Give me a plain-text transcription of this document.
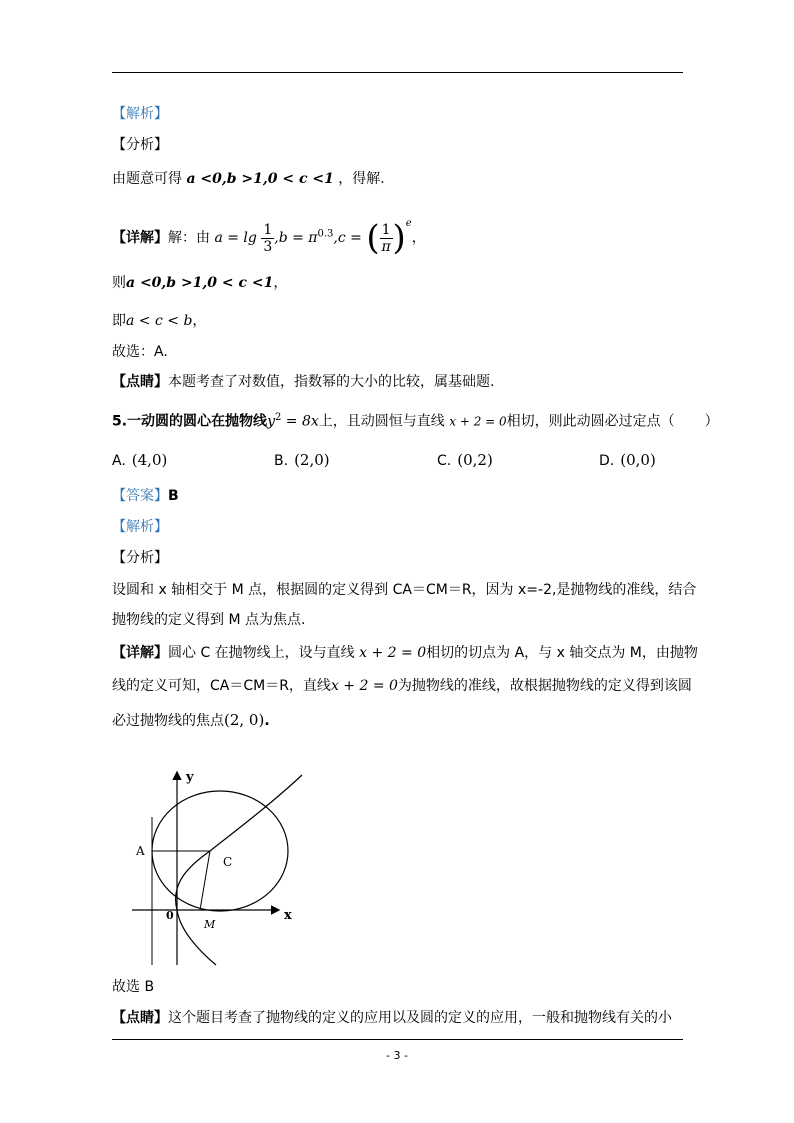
【解析】
【分析】
由题意可得 a <0,b >1,0 < c <1 ，得解.
【详解】解：由 $a = \lg \frac{1}{3} ,b = \pi^{0.3},c$ = ( $\frac{1}{\pi} )^e$，
则a <0,b >1,0 < c <1，
即a < c < b，
故选：A.
【点睛】本题考查了对数值，指数幂的大小的比较，属基础题.
5.一动圆的圆心在抛物线$y^2 = 8x$上，且动圆恒与直线 x + 2 = 0相切，则此动圆必过定点（ ）
A. (4,0)	B. (2,0)	C. (0,2)	D. (0,0)
【答案】B
【解析】
【分析】
设圆和 x 轴相交于 M 点，根据圆的定义得到 CA＝CM＝R，因为 x=-2,是抛物线的准线，结合
抛物线的定义得到 M 点为焦点.
【详解】圆心 C 在抛物线上，设与直线 x + 2 = 0相切的切点为 A，与 x 轴交点为 M，由抛物
线的定义可知，CA＝CM＝R，直线x + 2 = 0为抛物线的准线，故根据抛物线的定义得到该圆
必过抛物线的焦点(2, 0).
y
x
A
C
0
M
故选 B
【点睛】这个题目考查了抛物线的定义的应用以及圆的定义的应用，一般和抛物线有关的小
- 3 -
